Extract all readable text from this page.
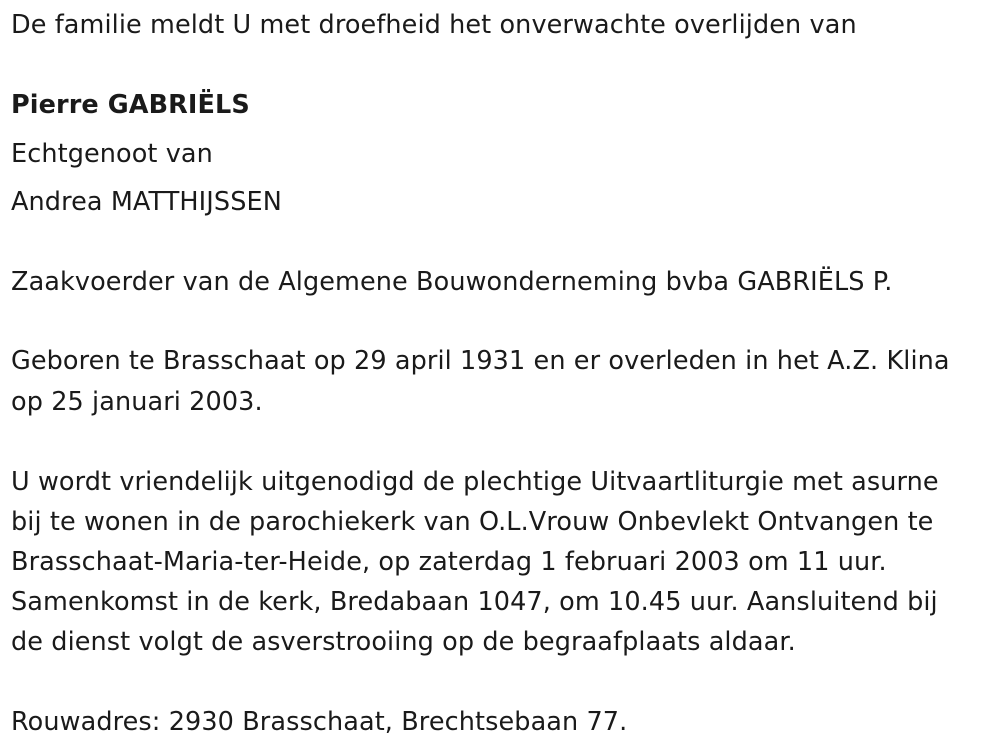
De familie meldt U met droefheid het onverwachte overlijden van
Pierre GABRIËLS
Echtgenoot van
Andrea MATTHIJSSEN
Zaakvoerder van de Algemene Bouwonderneming bvba GABRIËLS P.
Geboren te Brasschaat op 29 april 1931 en er overleden in het A.Z. Klina
op 25 januari 2003.
U wordt vriendelijk uitgenodigd de plechtige Uitvaartliturgie met asurne
bij te wonen in de parochiekerk van O.L.Vrouw Onbevlekt Ontvangen te
Brasschaat-Maria-ter-Heide, op zaterdag 1 februari 2003 om 11 uur.
Samenkomst in de kerk, Bredabaan 1047, om 10.45 uur. Aansluitend bij
de dienst volgt de asverstrooiing op de begraafplaats aldaar.
Rouwadres: 2930 Brasschaat, Brechtsebaan 77.
